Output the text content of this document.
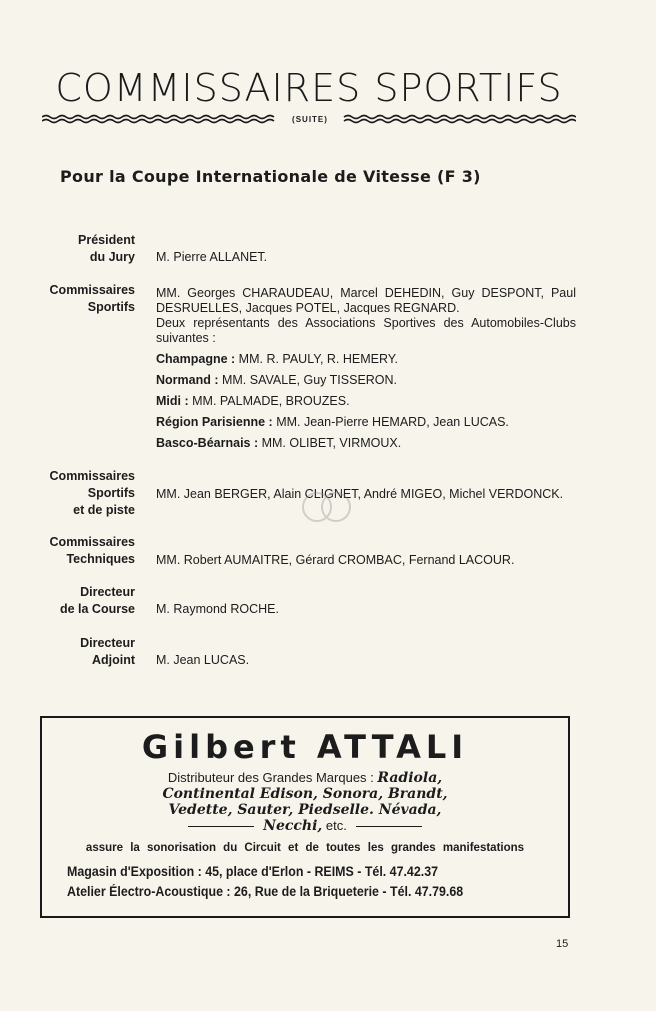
COMMISSAIRES SPORTIFS
(SUITE)
Pour la Coupe Internationale de Vitesse (F 3)
Président
du Jury M. Pierre ALLANET.
Commissaires
Sportifs

MM. Georges CHARAUDEAU, Marcel DEHEDIN, Guy DESPONT, Paul DESRUELLES, Jacques POTEL, Jacques REGNARD.

Deux représentants des Associations Sportives des Automobiles-Clubs suivantes :

Champagne : MM. R. PAULY, R. HEMERY.

Normand : MM. SAVALE, Guy TISSERON.

Midi : MM. PALMADE, BROUZES.

Région Parisienne : MM. Jean-Pierre HEMARD, Jean LUCAS.

Basco-Béarnais : MM. OLIBET, VIRMOUX.

Commissaires
Sportifs
et de piste
MM. Jean BERGER, Alain CLIGNET, André MIGEO, Michel VERDONCK.
Commissaires
Techniques MM. Robert AUMAITRE, Gérard CROMBAC, Fernand LACOUR.
Directeur
de la Course M. Raymond ROCHE.
Directeur
Adjoint M. Jean LUCAS.
Gilbert ATTALI
Distributeur des Grandes Marques : Radiola,
Continental Edison, Sonora, Brandt,
Vedette, Sauter, Piedselle. Névada,
Necchi, etc.
assure la sonorisation du Circuit et de toutes les grandes manifestations
Magasin d'Exposition : 45, place d'Erlon - REIMS - Tél. 47.42.37
Atelier Électro-Acoustique : 26, Rue de la Briqueterie - Tél. 47.79.68
15
